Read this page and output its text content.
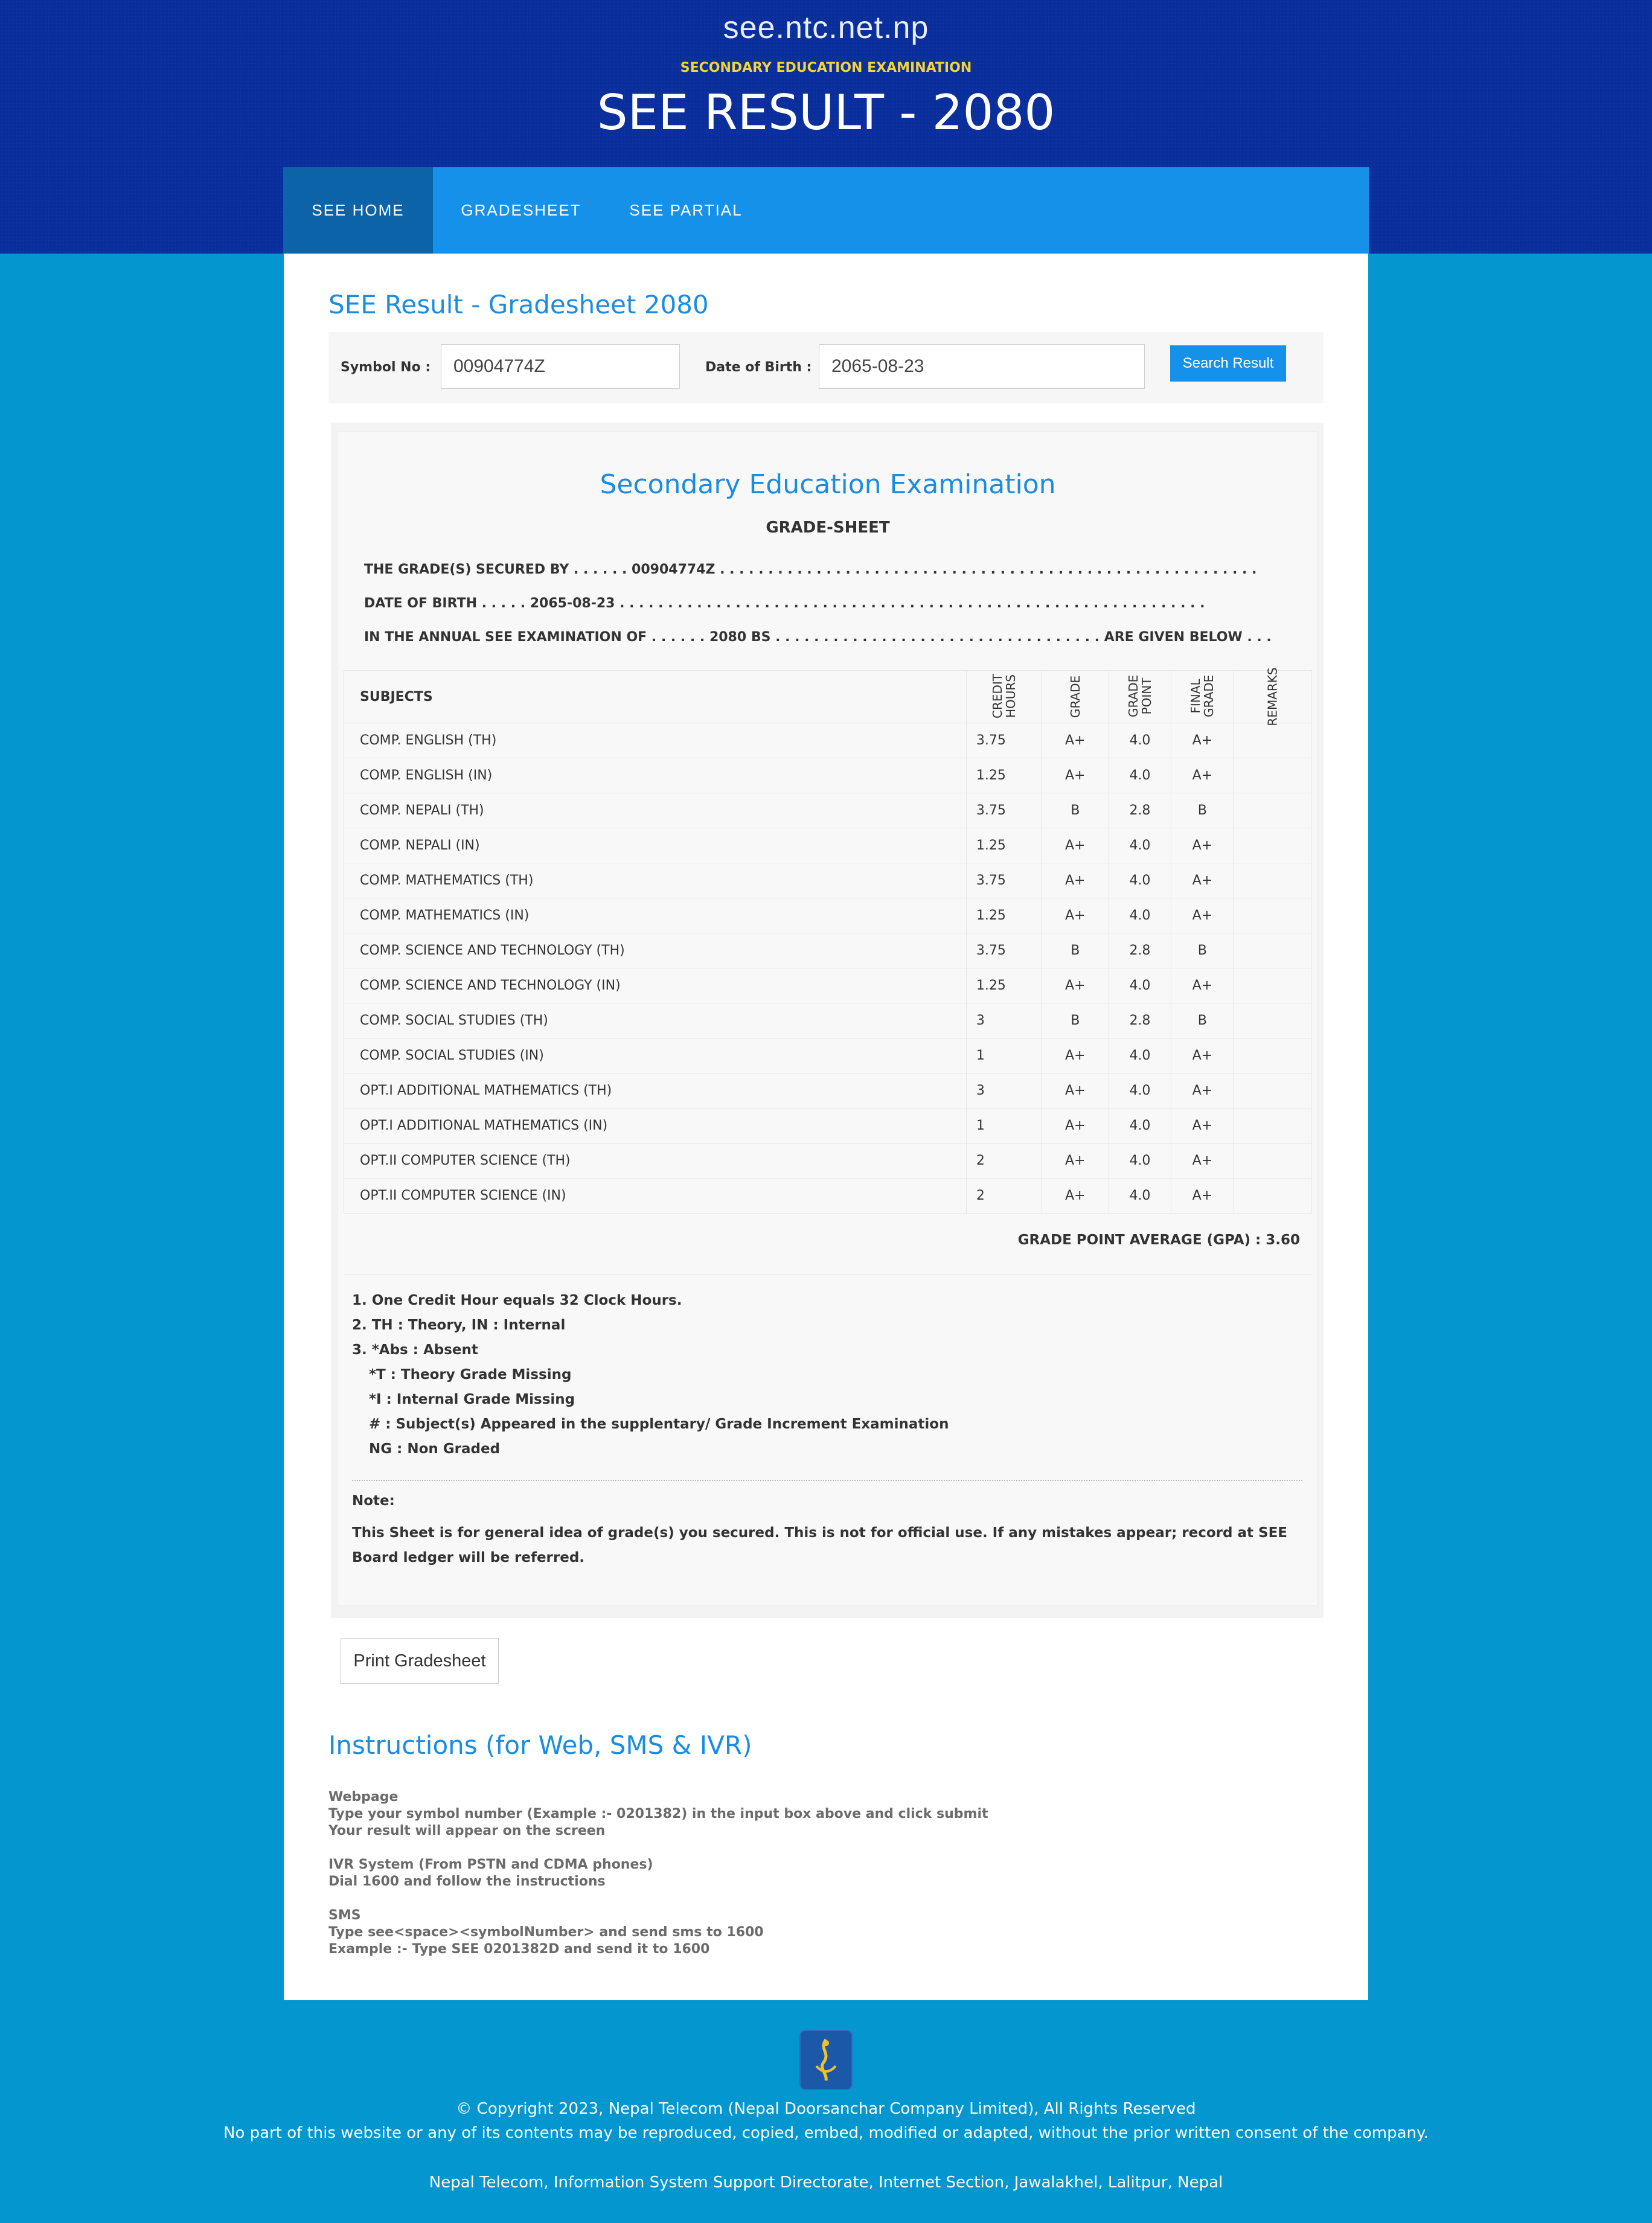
see.ntc.net.np
SECONDARY EDUCATION EXAMINATION
SEE RESULT - 2080
SEE HOME	GRADESHEET	SEE PARTIAL
SEE Result - Gradesheet 2080
Symbol No :
00904774Z	Date of Birth :
2065-08-23	Search Result
Secondary Education Examination
GRADE-SHEET
THE GRADE(S) SECURED BY . . . . . . 00904774Z . . . . . . . . . . . . . . . . . . . . . . . . . . . . . . . . . . . . . . . . . . . . . . . . . . . . . . . .
DATE OF BIRTH . . . . . 2065-08-23 . . . . . . . . . . . . . . . . . . . . . . . . . . . . . . . . . . . . . . . . . . . . . . . . . . . . . . . . . . . . .
IN THE ANNUAL SEE EXAMINATION OF . . . . . . 2080 BS . . . . . . . . . . . . . . . . . . . . . . . . . . . . . . . . . . ARE GIVEN BELOW . . .
SUBJECTS	CREDIT HOURS	GRADE	GRADE POINT	FINAL GRADE	REMARKS
COMP. ENGLISH (TH)	3.75	A+	4.0	A+	
COMP. ENGLISH (IN)	1.25	A+	4.0	A+	
COMP. NEPALI (TH)	3.75	B	2.8	B	
COMP. NEPALI (IN)	1.25	A+	4.0	A+	
COMP. MATHEMATICS (TH)	3.75	A+	4.0	A+	
COMP. MATHEMATICS (IN)	1.25	A+	4.0	A+	
COMP. SCIENCE AND TECHNOLOGY (TH)	3.75	B	2.8	B	
COMP. SCIENCE AND TECHNOLOGY (IN)	1.25	A+	4.0	A+	
COMP. SOCIAL STUDIES (TH)	3	B	2.8	B	
COMP. SOCIAL STUDIES (IN)	1	A+	4.0	A+	
OPT.I ADDITIONAL MATHEMATICS (TH)	3	A+	4.0	A+	
OPT.I ADDITIONAL MATHEMATICS (IN)	1	A+	4.0	A+	
OPT.II COMPUTER SCIENCE (TH)	2	A+	4.0	A+	
OPT.II COMPUTER SCIENCE (IN)	2	A+	4.0	A+	
GRADE POINT AVERAGE (GPA) : 3.60
1. One Credit Hour equals 32 Clock Hours.
2. TH : Theory, IN : Internal
3. *Abs : Absent
*T : Theory Grade Missing
*I : Internal Grade Missing
# : Subject(s) Appeared in the supplentary/ Grade Increment Examination
NG : Non Graded
Note:
This Sheet is for general idea of grade(s) you secured. This is not for official use. If any mistakes appear; record at SEE Board ledger will be referred.
Print Gradesheet
Instructions (for Web, SMS & IVR)
Webpage
Type your symbol number (Example :- 0201382) in the input box above and click submit
Your result will appear on the screen
IVR System (From PSTN and CDMA phones)
Dial 1600 and follow the instructions
SMS
Type see<space><symbolNumber> and send sms to 1600
Example :- Type SEE 0201382D and send it to 1600
© Copyright 2023, Nepal Telecom (Nepal Doorsanchar Company Limited), All Rights Reserved
No part of this website or any of its contents may be reproduced, copied, embed, modified or adapted, without the prior written consent of the company.
Nepal Telecom, Information System Support Directorate, Internet Section, Jawalakhel, Lalitpur, Nepal
